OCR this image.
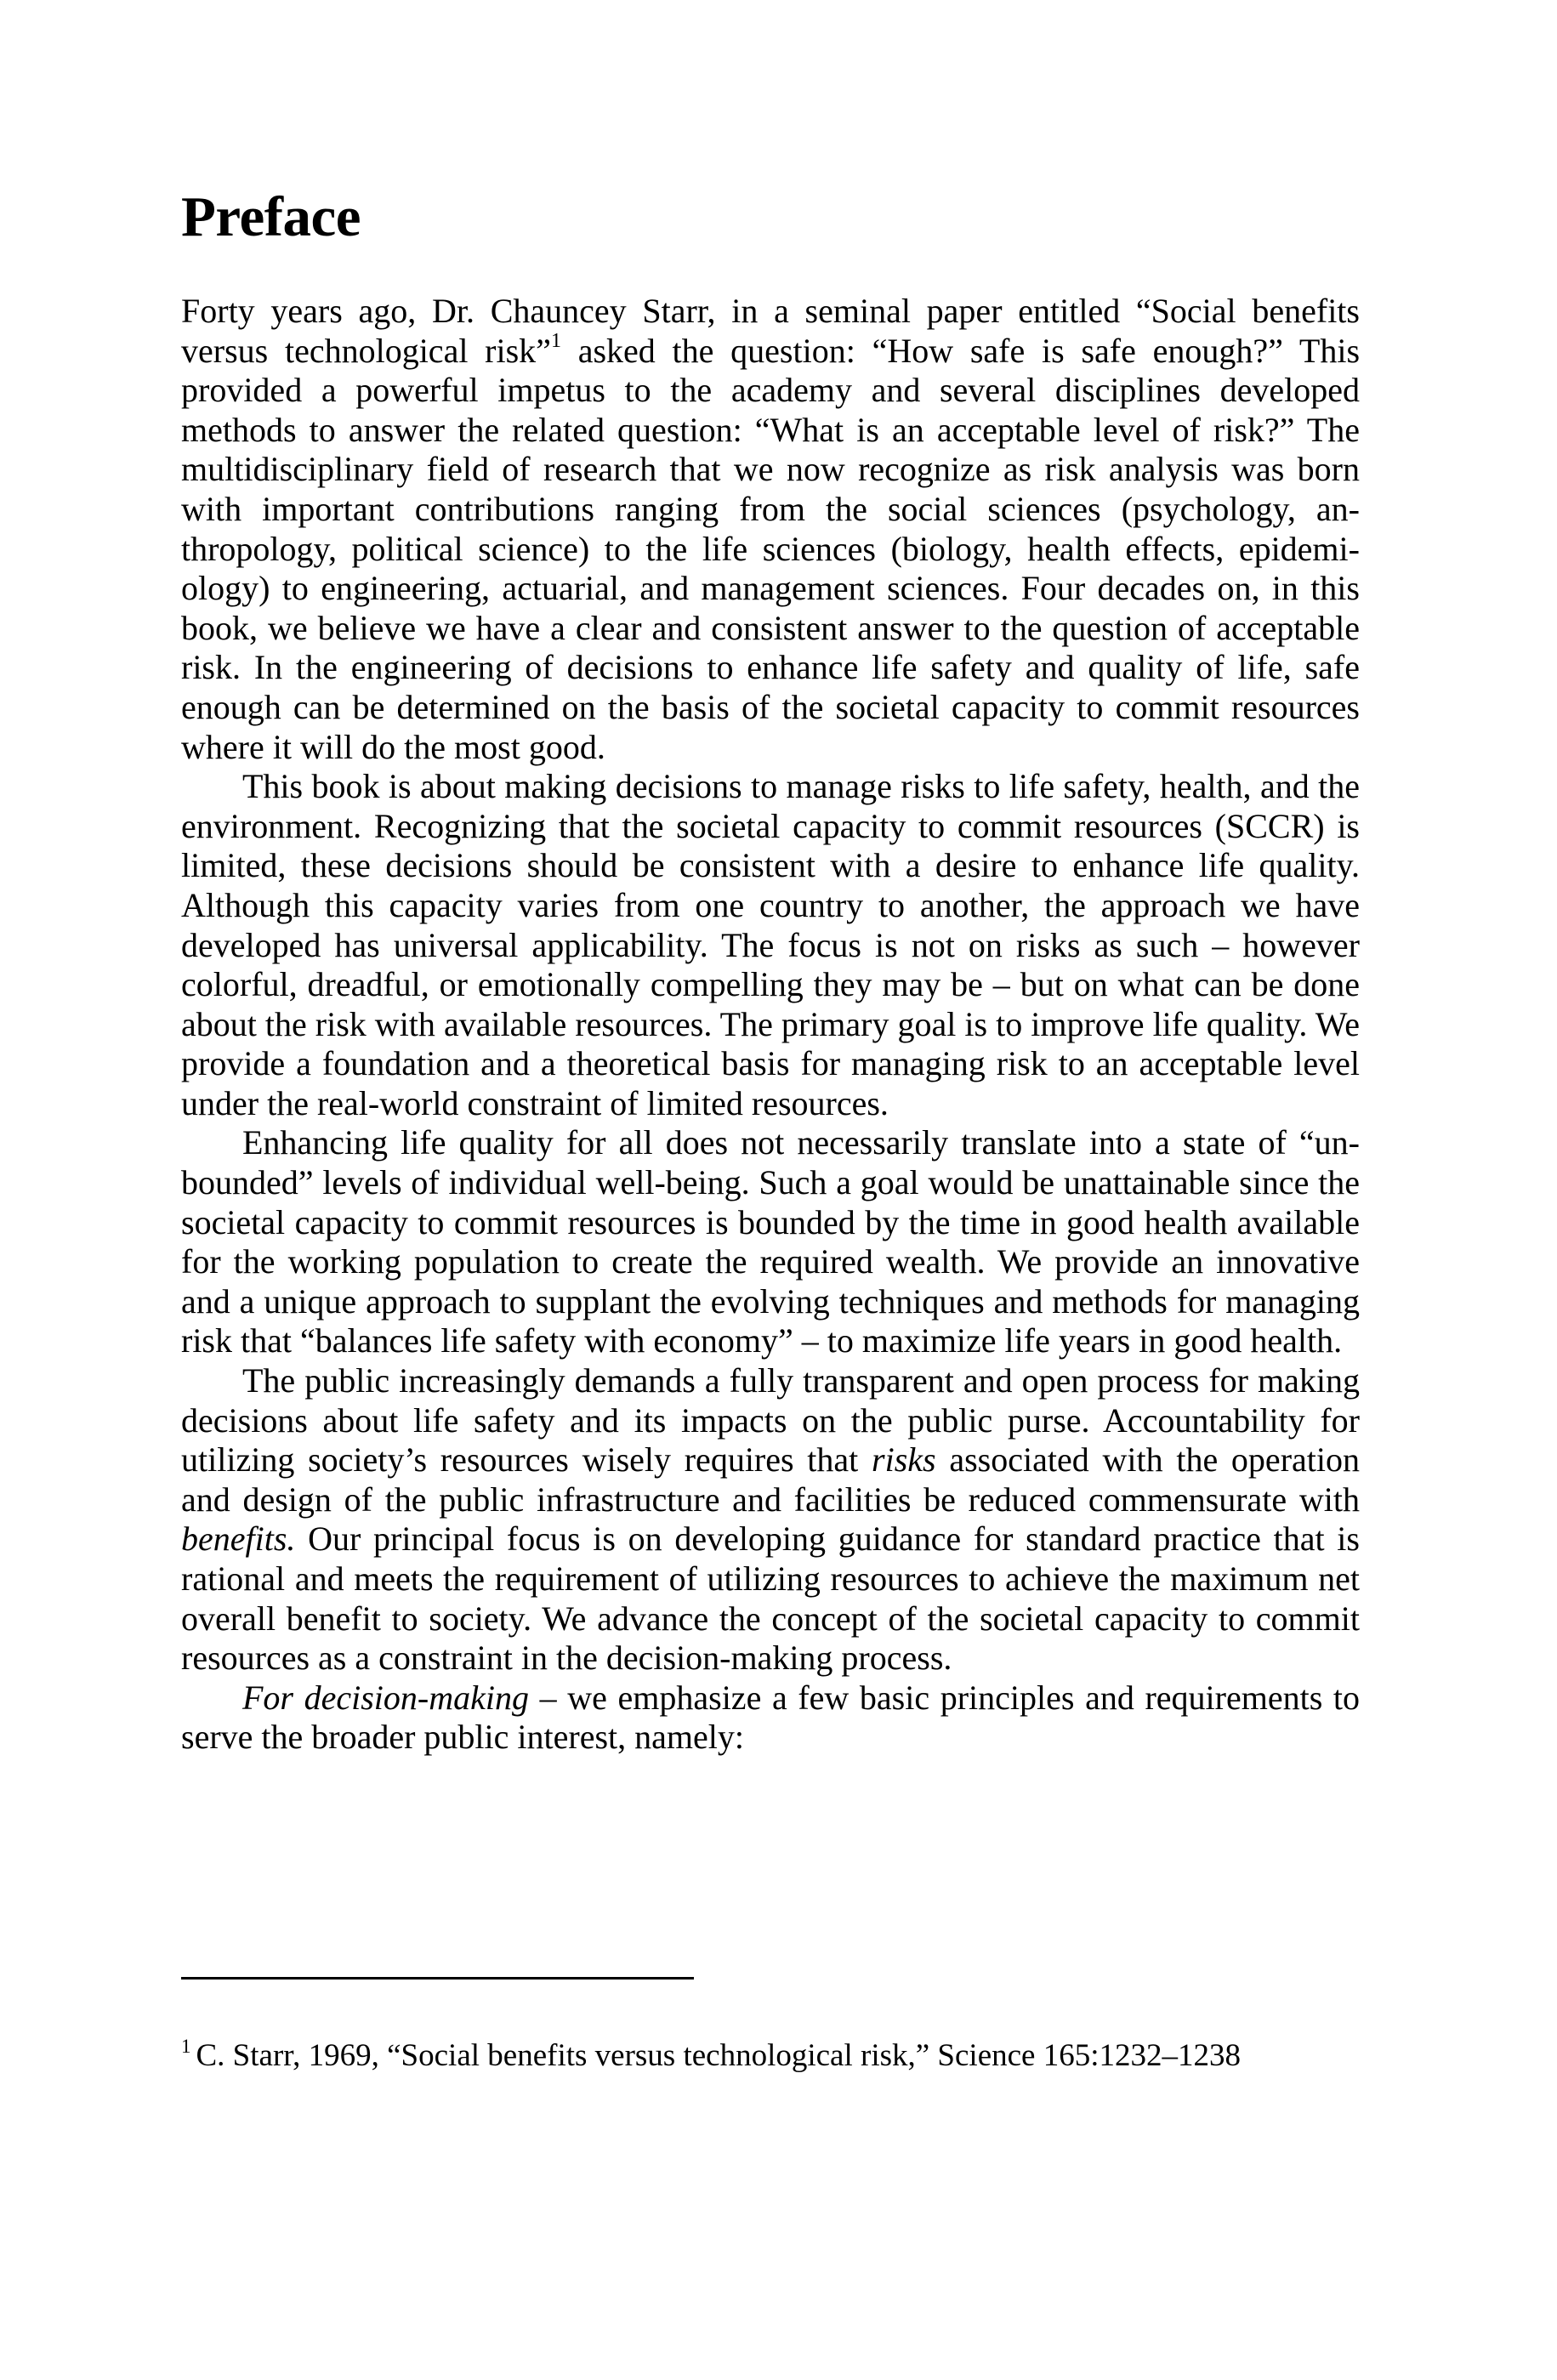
Preface

Forty years ago, Dr. Chauncey Starr, in a seminal paper entitled “Social benefits versus technological risk”$^1$ asked the question: “How safe is safe enough?” This provided a powerful impetus to the academy and several disciplines developed methods to answer the related question: “What is an acceptable level of risk?” The multidisciplinary field of research that we now recognize as risk analysis was born with important contributions ranging from the social sciences (psychology, anthropology, political science) to the life sciences (biology, health effects, epidemiology) to engineering, actuarial, and management sciences. Four decades on, in this book, we believe we have a clear and consistent answer to the question of acceptable risk. In the engineering of decisions to enhance life safety and quality of life, safe enough can be determined on the basis of the societal capacity to commit resources where it will do the most good.

This book is about making decisions to manage risks to life safety, health, and the environment. Recognizing that the societal capacity to commit resources (SCCR) is limited, these decisions should be consistent with a desire to enhance life quality. Although this capacity varies from one country to another, the approach we have developed has universal applicability. The focus is not on risks as such – however colorful, dreadful, or emotionally compelling they may be – but on what can be done about the risk with available resources. The primary goal is to improve life quality. We provide a foundation and a theoretical basis for managing risk to an acceptable level under the real-world constraint of limited resources.

Enhancing life quality for all does not necessarily translate into a state of “unbounded” levels of individual well-being. Such a goal would be unattainable since the societal capacity to commit resources is bounded by the time in good health available for the working population to create the required wealth. We provide an innovative and a unique approach to supplant the evolving techniques and methods for managing risk that “balances life safety with economy” – to maximize life years in good health.

The public increasingly demands a fully transparent and open process for making decisions about life safety and its impacts on the public purse. Accountability for utilizing society’s resources wisely requires that risks associated with the operation and design of the public infrastructure and facilities be reduced commensurate with benefits. Our principal focus is on developing guidance for standard practice that is rational and meets the requirement of utilizing resources to achieve the maximum net overall benefit to society. We advance the concept of the societal capacity to commit resources as a constraint in the decision-making process.

For decision-making – we emphasize a few basic principles and requirements to serve the broader public interest, namely:

$^1$ C. Starr, 1969, “Social benefits versus technological risk,” Science 165:1232–1238
